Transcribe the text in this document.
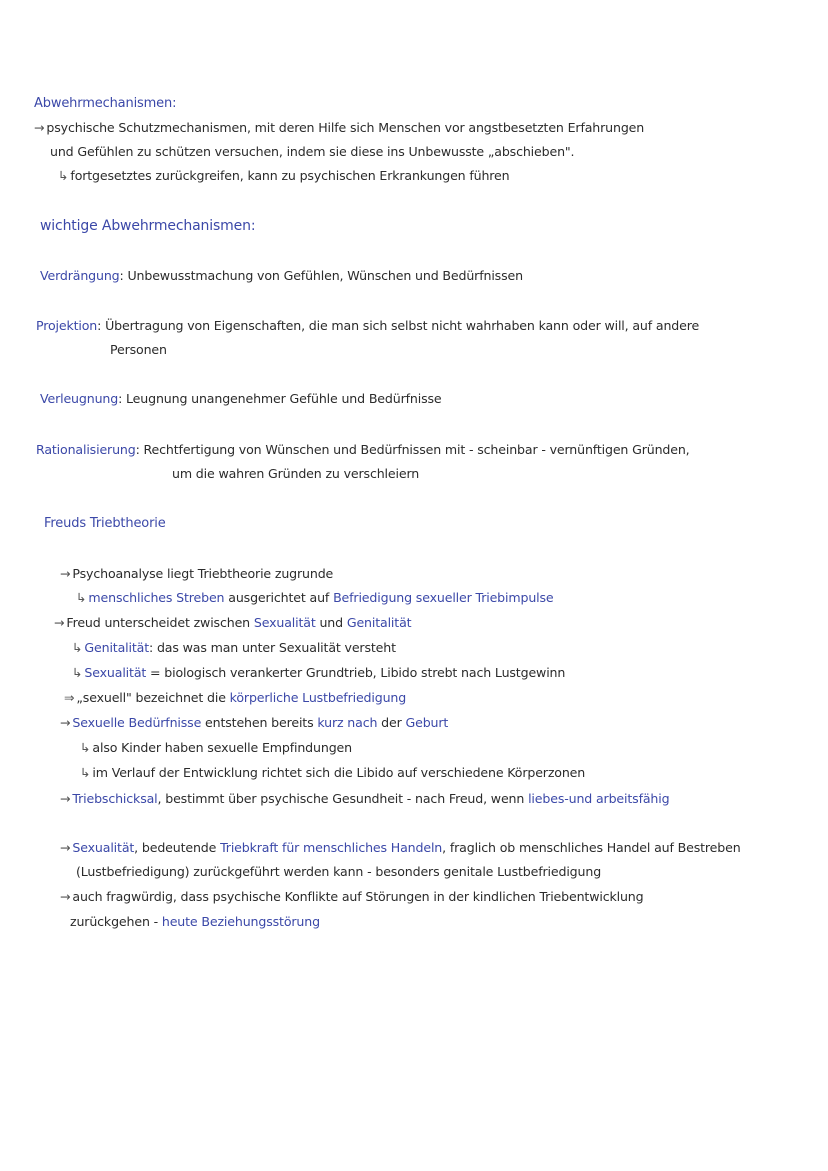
Abwehrmechanismen:
→ psychische Schutzmechanismen, mit deren Hilfe sich Menschen vor angstbesetzten Erfahrungen
und Gefühlen zu schützen versuchen, indem sie diese ins Unbewusste „abschieben".
↳ fortgesetztes zurückgreifen, kann zu psychischen Erkrankungen führen
wichtige Abwehrmechanismen:
Verdrängung: Unbewusstmachung von Gefühlen, Wünschen und Bedürfnissen
Projektion: Übertragung von Eigenschaften, die man sich selbst nicht wahrhaben kann oder will, auf andere
Personen
Verleugnung: Leugnung unangenehmer Gefühle und Bedürfnisse
Rationalisierung: Rechtfertigung von Wünschen und Bedürfnissen mit - scheinbar - vernünftigen Gründen,
um die wahren Gründen zu verschleiern
Freuds Triebtheorie
→ Psychoanalyse liegt Triebtheorie zugrunde
↳ menschliches Streben ausgerichtet auf Befriedigung sexueller Triebimpulse
→ Freud unterscheidet zwischen Sexualität und Genitalität
↳ Genitalität: das was man unter Sexualität versteht
↳ Sexualität = biologisch verankerter Grundtrieb, Libido strebt nach Lustgewinn
⇒ „sexuell" bezeichnet die körperliche Lustbefriedigung
→ Sexuelle Bedürfnisse entstehen bereits kurz nach der Geburt
↳ also Kinder haben sexuelle Empfindungen
↳ im Verlauf der Entwicklung richtet sich die Libido auf verschiedene Körperzonen
→ Triebschicksal, bestimmt über psychische Gesundheit - nach Freud, wenn liebes-und arbeitsfähig
→ Sexualität, bedeutende Triebkraft für menschliches Handeln, fraglich ob menschliches Handel auf Bestreben
(Lustbefriedigung) zurückgeführt werden kann - besonders genitale Lustbefriedigung
→ auch fragwürdig, dass psychische Konflikte auf Störungen in der kindlichen Triebentwicklung
zurückgehen - heute Beziehungsstörung
